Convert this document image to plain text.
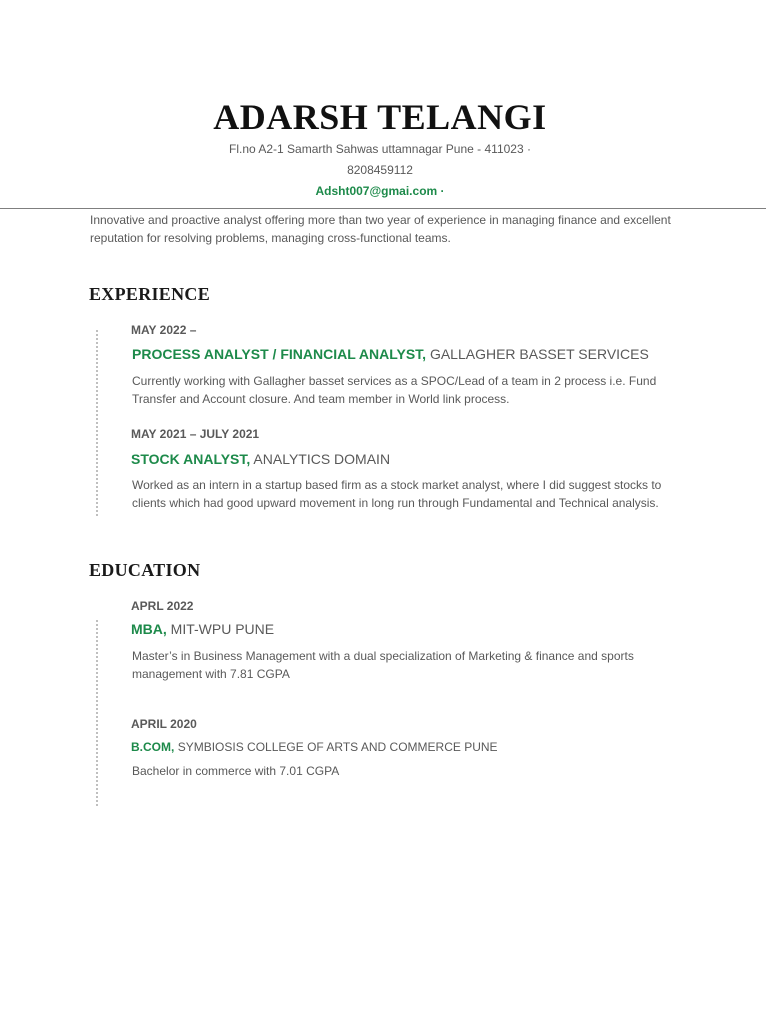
ADARSH TELANGI
Fl.no A2-1 Samarth Sahwas uttamnagar Pune - 411023 ·
8208459112
Adsht007@gmai.com ·
Innovative and proactive analyst offering more than two year of experience in managing finance and excellent reputation for resolving problems, managing cross-functional teams.
EXPERIENCE
MAY 2022 –
PROCESS ANALYST / FINANCIAL ANALYST, GALLAGHER BASSET SERVICES
Currently working with Gallagher basset services as a SPOC/Lead of a team in 2 process i.e. Fund Transfer and Account closure. And team member in World link process.
MAY 2021 – JULY 2021
STOCK ANALYST, ANALYTICS DOMAIN
Worked as an intern in a startup based firm as a stock market analyst, where I did suggest stocks to clients which had good upward movement in long run through Fundamental and Technical analysis.
EDUCATION
APRL 2022
MBA, MIT-WPU PUNE
Master’s in Business Management with a dual specialization of Marketing & finance and sports management with 7.81 CGPA
APRIL 2020
B.COM, SYMBIOSIS COLLEGE OF ARTS AND COMMERCE PUNE
Bachelor in commerce with 7.01 CGPA
